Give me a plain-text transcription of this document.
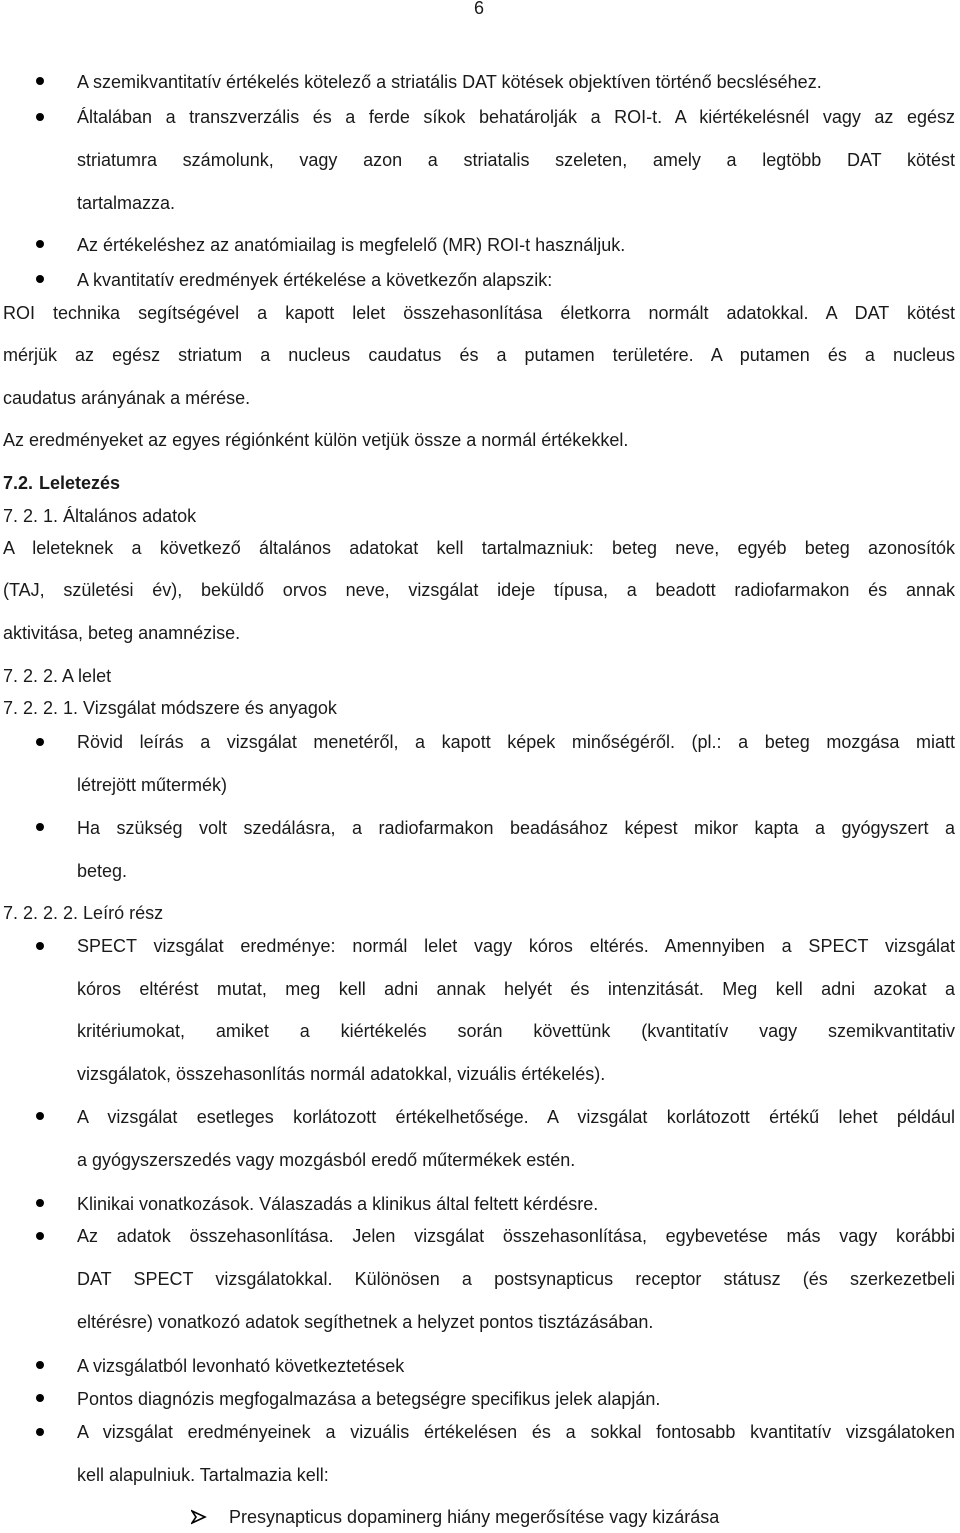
6
A szemikvantitatív értékelés kötelező a striatális DAT kötések objektíven történő becsléséhez.
Általában a transzverzális és a ferde síkok behatárolják a ROI-t. A kiértékelésnél vagy az egész
striatumra számolunk, vagy azon a striatalis szeleten, amely a legtöbb DAT kötést
tartalmazza.
Az értékeléshez az anatómiailag is megfelelő (MR) ROI-t használjuk.
A kvantitatív eredmények értékelése a következőn alapszik:
ROI technika segítségével a kapott lelet összehasonlítása életkorra normált adatokkal. A DAT kötést
mérjük az egész striatum a nucleus caudatus és a putamen területére. A putamen és a nucleus
caudatus arányának a mérése.
Az eredményeket az egyes régiónként külön vetjük össze a normál értékekkel.
7.2. Leletezés
7. 2. 1. Általános adatok
A leleteknek a következő általános adatokat kell tartalmazniuk: beteg neve, egyéb beteg azonosítók
(TAJ, születési év), beküldő orvos neve, vizsgálat ideje típusa, a beadott radiofarmakon és annak
aktivitása, beteg anamnézise.
7. 2. 2. A lelet
7. 2. 2. 1. Vizsgálat módszere és anyagok
Rövid leírás a vizsgálat menetéről, a kapott képek minőségéről. (pl.: a beteg mozgása miatt
létrejött műtermék)
Ha szükség volt szedálásra, a radiofarmakon beadásához képest mikor kapta a gyógyszert a
beteg.
7. 2. 2. 2. Leíró rész
SPECT vizsgálat eredménye: normál lelet vagy kóros eltérés. Amennyiben a SPECT vizsgálat
kóros eltérést mutat, meg kell adni annak helyét és intenzitását. Meg kell adni azokat a
kritériumokat, amiket a kiértékelés során követtünk (kvantitatív vagy szemikvantitativ
vizsgálatok, összehasonlítás normál adatokkal, vizuális értékelés).
A vizsgálat esetleges korlátozott értékelhetősége. A vizsgálat korlátozott értékű lehet például
a gyógyszerszedés vagy mozgásból eredő műtermékek estén.
Klinikai vonatkozások. Válaszadás a klinikus által feltett kérdésre.
Az adatok összehasonlítása. Jelen vizsgálat összehasonlítása, egybevetése más vagy korábbi
DAT SPECT vizsgálatokkal. Különösen a postsynapticus receptor státusz (és szerkezetbeli
eltérésre) vonatkozó adatok segíthetnek a helyzet pontos tisztázásában.
A vizsgálatból levonható következtetések
Pontos diagnózis megfogalmazása a betegségre specifikus jelek alapján.
A vizsgálat eredményeinek a vizuális értékelésen és a sokkal fontosabb kvantitatív vizsgálatoken
kell alapulniuk. Tartalmazia kell:
Presynapticus dopaminerg hiány megerősítése vagy kizárása
